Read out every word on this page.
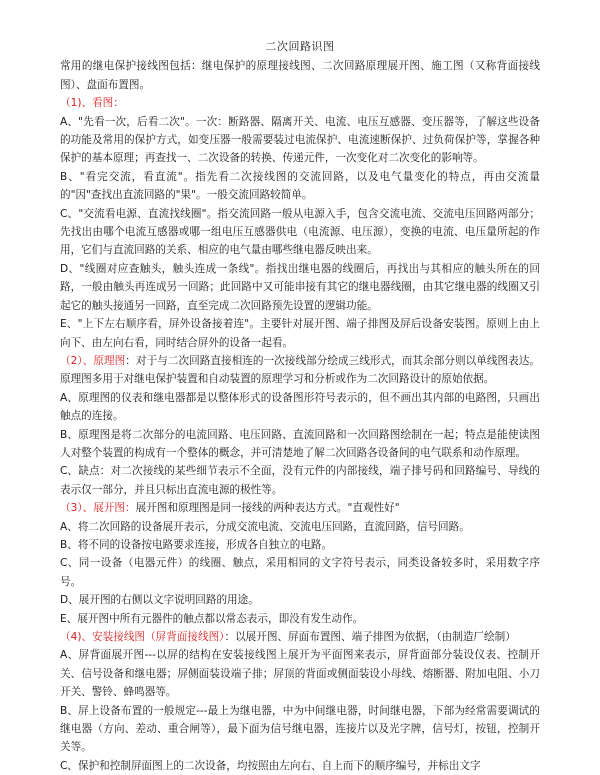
二次回路识图

常用的继电保护接线图包括：继电保护的原理接线图、二次回路原理展开图、施工图（又称背面接线图）、盘面布置图。

（1)、看图：

A、"先看一次，后看二次"。一次：断路器、隔离开关、电流、电压互感器、变压器等，了解这些设备的功能及常用的保护方式，如变压器一般需要装过电流保护、电流速断保护、过负荷保护等，掌握各种保护的基本原理；再查找一、二次设备的转换、传递元件，一次变化对二次变化的影响等。

B、"看完交流，看直流"。指先看二次接线图的交流回路，以及电气量变化的特点，再由交流量的"因"查找出直流回路的"果"。一般交流回路较简单。

C、"交流看电源、直流找线圈"。指交流回路一般从电源入手，包含交流电流、交流电压回路两部分；先找出由哪个电流互感器或哪一组电压互感器供电（电流源、电压源），变换的电流、电压量所起的作用，它们与直流回路的关系、相应的电气量由哪些继电器反映出来。

D、"线圈对应查触头，触头连成一条线"。指找出继电器的线圈后，再找出与其相应的触头所在的回路，一般由触头再连成另一回路；此回路中又可能串接有其它的继电器线圈，由其它继电器的线圈又引起它的触头接通另一回路，直至完成二次回路预先设置的逻辑功能。

E、"上下左右顺序看，屏外设备接着连"。主要针对展开图、端子排图及屏后设备安装图。原则上由上向下、由左向右看，同时结合屏外的设备一起看。

（2）、原理图：对于与二次回路直接相连的一次接线部分绘成三线形式，而其余部分则以单线图表达。原理图多用于对继电保护装置和自动装置的原理学习和分析或作为二次回路设计的原始依据。

A、原理图的仪表和继电器都是以整体形式的设备图形符号表示的，但不画出其内部的电路图，只画出触点的连接。

B、原理图是将二次部分的电流回路、电压回路、直流回路和一次回路图绘制在一起；特点是能使读图人对整个装置的构成有一个整体的概念，并可清楚地了解二次回路各设备间的电气联系和动作原理。

C、缺点：对二次接线的某些细节表示不全面，没有元件的内部接线，端子排号码和回路编号、导线的表示仅一部分，并且只标出直流电源的极性等。

（3）、展开图：展开图和原理图是同一接线的两种表达方式。"直观性好"

A、将二次回路的设备展开表示，分成交流电流、交流电压回路，直流回路，信号回路。

B、将不同的设备按电路要求连接，形成各自独立的电路。

C、同一设备（电器元件）的线圈、触点，采用相同的文字符号表示，同类设备较多时，采用数字序号。

D、展开图的右侧以文字说明回路的用途。

E、展开图中所有元器件的触点都以常态表示，即没有发生动作。

（4)、安装接线图（屏背面接线图）：以展开图、屏面布置图、端子排图为依据，（由制造厂绘制）

A、屏背面展开图---以屏的结构在安装接线图上展开为平面图来表示，屏背面部分装设仪表、控制开关、信号设备和继电器；屏侧面装设端子排；屏顶的背面或侧面装设小母线、熔断器、附加电阻、小刀开关、警铃、蜂鸣器等。

B、屏上设备布置的一般规定---最上为继电器，中为中间继电器，时间继电器，下部为经常需要调试的继电器（方向、差动、重合闸等），最下面为信号继电器，连接片以及光字牌，信号灯，按钮，控制开关等。

C、保护和控制屏面图上的二次设备，均按照由左向右、自上而下的顺序编号，并标出文字
